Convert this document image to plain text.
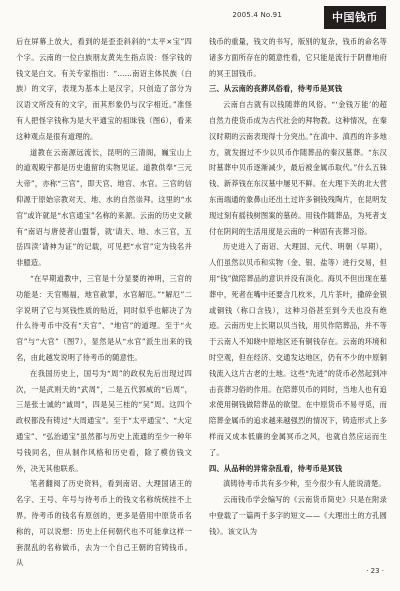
2005.4 No.91	中国钱币

后在屏幕上放大，看到的是歪歪斜斜的“太平×宝”四个字。云南的一位白族朋友黄先生指点说：怪字钱的钱文是白文。有关专家指出：“……南诏主体民族（白族）的文字，表现为基本上是汉字，只创造了部分为汉语文所没有的文字，而其形象仍与汉字相近。”准怪有人把怪字钱称为是大平通宝的祖昧钱（图6），看来这种观点是很有道理的。

道教在云南源远流长，昆明的三清阁，巍宝山上的道观殿宇都是历史遗留的实物见证。道教供奉“三元大帝”，亦称“三官”，即天官、地官、水官。三官的信仰源于原始宗教对天、地、水的自然崇拜。这里的“水官”或许就是“水官通宝”名称的来源。云南的历史文献有“南诏与唐使者山盟誓，就‘请天、地、水三官，五岳四渎’请神为证”的记载，可见把“水官”定为钱名并非臆造。

“在早期道教中，三官是十分显要的神明，三官的功能是：天官赐福，地官赦罪，水官解厄。”“解厄”二字说明了它与冥钱性质的贴近，同时似乎也解决了为什么待考币中没有“天官”、“地官”的道理。至于“火官”与“大官”（图7），显然是从“水官”派生出来的钱名，由此越发说明了待考币的随意性。

在我国历史上，国号为“周”的政权先后出现过四次，一是武则天的“武周”，二是五代郭威的“后周”，三是张士诚的“诚周”，四是吴三桂的“吴”周。这四个政权都没有铸过“大周通宝”。至于“太平通宝”、“大定通宝”、“弘治通宝”虽然都与历史上流通的至少一种年号钱同名，但从制作风格和历史看，除了模仿钱文外，决无其他联系。

笔者翻阅了历史资料，看到南诏、大理国诸王的名字、王号、年号与待考币上的钱文名称统统挂不上界。待考币的钱名有原创的，更多是借用中原货币名称的，可以说想：历史上任何朝代也不可能拿这样一套混乱的名称做币，去为一个自己王朝的官铸钱币。从

钱币的重量，钱文的书写，版别的复杂，钱币的命名等诸多方面所存在的随意性看，它只能是流行于阴曹地府的冥王国钱币。

三、从云南的丧葬风俗看，待考币是冥钱

云南自古就有以钱随葬的风俗。“‘金钱万能’的超自然力使货币成为古代社会的拜物教。这种情况，在秦汉时期的云南表现得十分突出。”在滇中、滇西的许多地方，就发掘过不少以贝币作随葬品的秦汉墓葬。“东汉时墓葬中贝币逐渐减少，最后被金属币取代。”什么五铢钱、新莽钱在东汉墓中屡见不鲜。在大理下关的北大营东南端通的象鼻山还出土过许多铜钱残陶片，在昆明发现过刻有摇钱树图案的墓砖。用钱作随葬品，为死者支付在阴间的生活用度是云南的一种固有丧葬习俗。

历史进入了南诏、大理国、元代、明朝（早期），人们虽然以贝币和实物（金、银、盐等）进行交易，但用“钱”做陪葬品的意识并没有淡化。海贝不但出现在墓葬中，死者在嘴中还要含几枚米，几片茶叶，撒碎金银或铜钱（称口含钱），这种习俗甚至到今天也没有绝迹。云南历史上长期以贝当钱，用贝作陪葬品，并不等于云南人不知晓中原地区还有铜钱存在。云南的环境和时空观，但在经济、交通发达地区，仍有不少的中原铜钱流入这片古老的土地。这些“先进”的货币必然起到冲击丧葬习俗的作用。在陪葬贝币的同时，当地人也有追求使用铜钱做陪葬品的欲望。在中原货币不易寻觅，而陪葬金属币的追求越来越强烈的情况下，铸造形式上多样而又成本低廉的金属冥币之风，也就自然应运而生了。

四、从品种的异常杂乱看，待考币是冥钱

滇铸待考币共有多少种，至今很少有人能说清楚。

云南钱币学会编写的《云南货币简史》只是在附录中登载了一篇两千多字的短文——《大理出土的方孔圆钱》。该文认为

· 23 ·
